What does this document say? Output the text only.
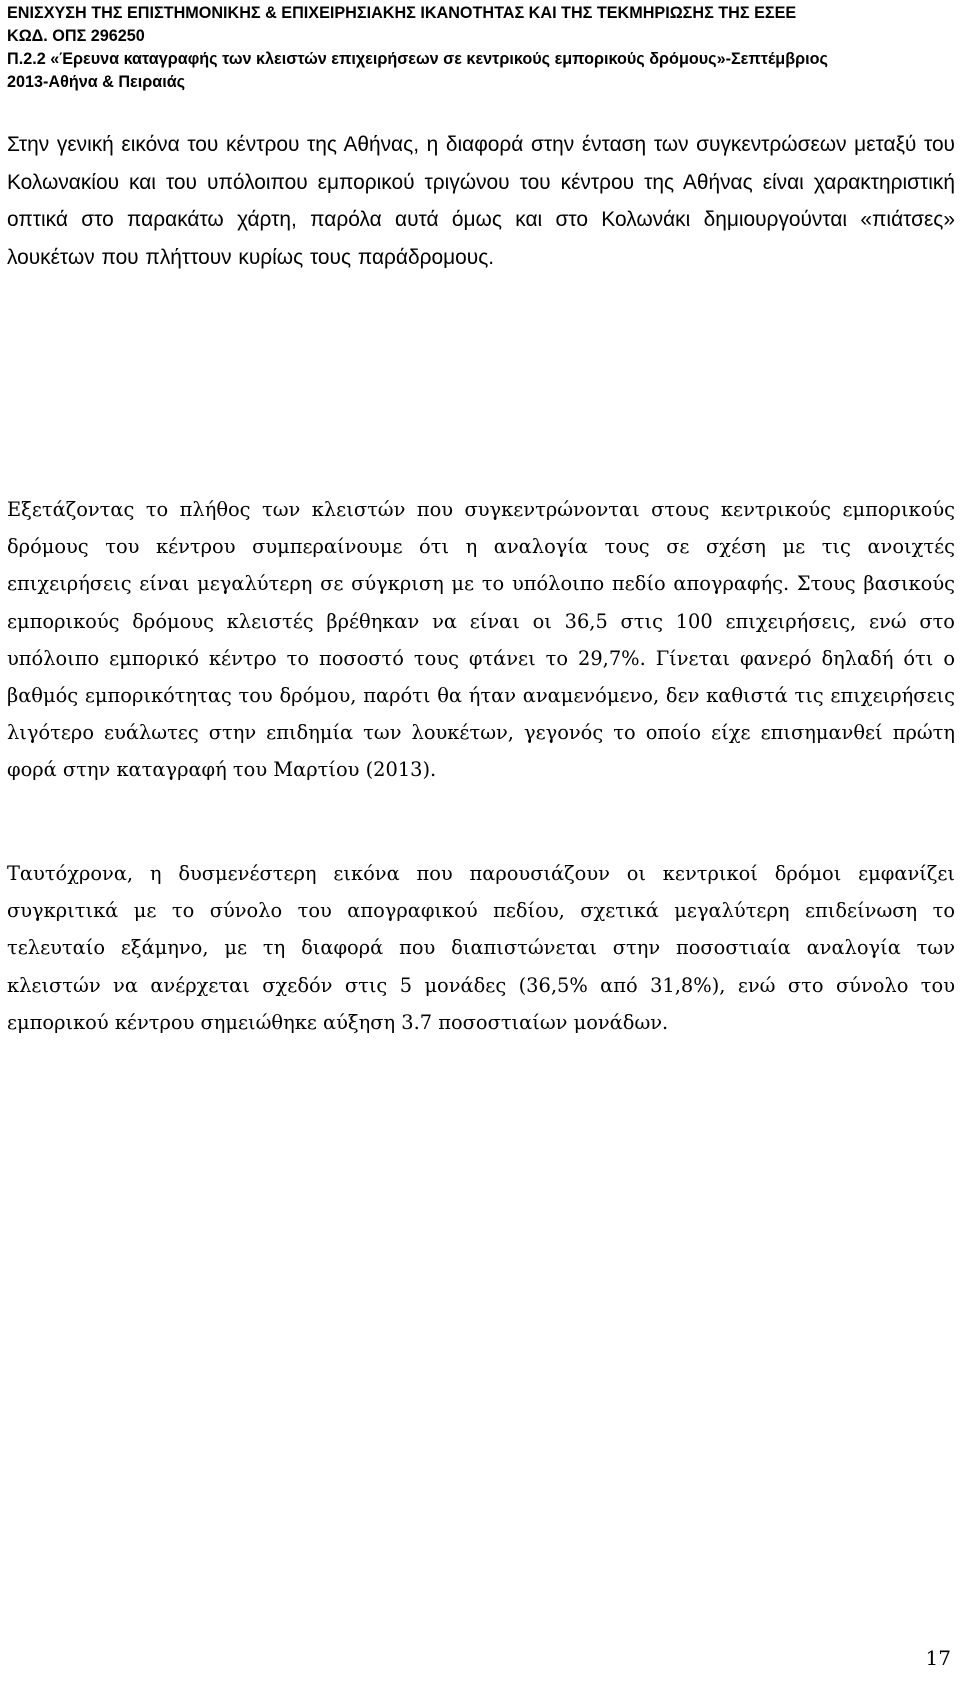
ΕΝΙΣΧΥΣΗ ΤΗΣ ΕΠΙΣΤΗΜΟΝΙΚΗΣ & ΕΠΙΧΕΙΡΗΣΙΑΚΗΣ ΙΚΑΝΟΤΗΤΑΣ ΚΑΙ ΤΗΣ ΤΕΚΜΗΡΙΩΣΗΣ ΤΗΣ ΕΣΕΕ
ΚΩΔ. ΟΠΣ 296250
Π.2.2 «Έρευνα καταγραφής των κλειστών επιχειρήσεων σε κεντρικούς εμπορικούς δρόμους»-Σεπτέμβριος
2013-Αθήνα & Πειραιάς

Στην γενική εικόνα του κέντρου της Αθήνας, η διαφορά στην ένταση των συγκεντρώσεων μεταξύ του Κολωνακίου και του υπόλοιπου εμπορικού τριγώνου του κέντρου της Αθήνας είναι χαρακτηριστική οπτικά στο παρακάτω χάρτη, παρόλα αυτά όμως και στο Κολωνάκι δημιουργούνται «πιάτσες» λουκέτων που πλήττουν κυρίως τους παράδρομους.

Εξετάζοντας το πλήθος των κλειστών που συγκεντρώνονται στους κεντρικούς εμπορικούς δρόμους του κέντρου συμπεραίνουμε ότι η αναλογία τους σε σχέση με τις ανοιχτές επιχειρήσεις είναι μεγαλύτερη σε σύγκριση με το υπόλοιπο πεδίο απογραφής. Στους βασικούς εμπορικούς δρόμους κλειστές βρέθηκαν να είναι οι 36,5 στις 100 επιχειρήσεις, ενώ στο υπόλοιπο εμπορικό κέντρο το ποσοστό τους φτάνει το 29,7%. Γίνεται φανερό δηλαδή ότι ο βαθμός εμπορικότητας του δρόμου, παρότι θα ήταν αναμενόμενο, δεν καθιστά τις επιχειρήσεις λιγότερο ευάλωτες στην επιδημία των λουκέτων, γεγονός το οποίο είχε επισημανθεί πρώτη φορά στην καταγραφή του Μαρτίου (2013).

Ταυτόχρονα, η δυσμενέστερη εικόνα που παρουσιάζουν οι κεντρικοί δρόμοι εμφανίζει συγκριτικά με το σύνολο του απογραφικού πεδίου, σχετικά μεγαλύτερη επιδείνωση το τελευταίο εξάμηνο, με τη διαφορά που διαπιστώνεται στην ποσοστιαία αναλογία των κλειστών να ανέρχεται σχεδόν στις 5 μονάδες (36,5% από 31,8%), ενώ στο σύνολο του εμπορικού κέντρου σημειώθηκε αύξηση 3.7 ποσοστιαίων μονάδων.

17
